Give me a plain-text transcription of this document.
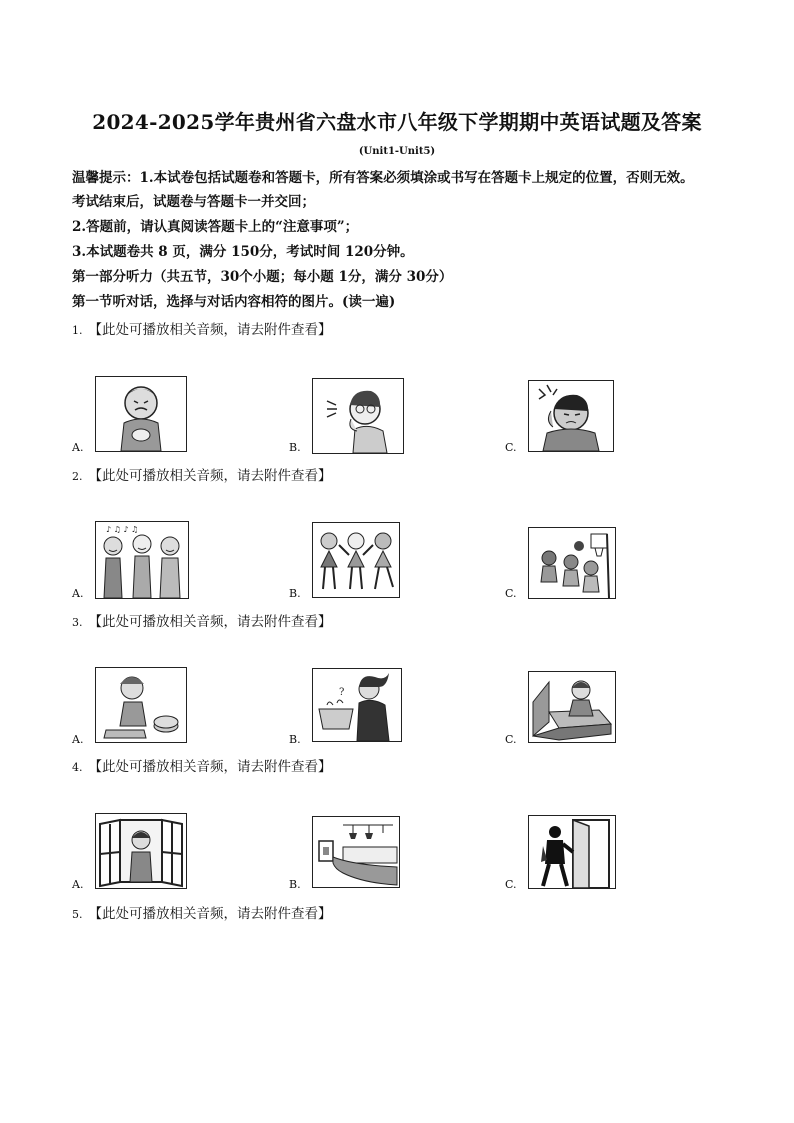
2024-2025学年贵州省六盘水市八年级下学期期中英语试题及答案
(Unit1-Unit5)
温馨提示：1.本试卷包括试题卷和答题卡，所有答案必须填涂或书写在答题卡上规定的位置，否则无效。
考试结束后，试题卷与答题卡一并交回；
2.答题前，请认真阅读答题卡上的“注意事项”；
3.本试题卷共 8 页，满分 150分，考试时间 120分钟。
第一部分听力（共五节，30个小题；每小题 1分，满分 30分）
第一节听对话，选择与对话内容相符的图片。(读一遍)
1. 【此处可播放相关音频，请去附件查看】
A.	B.	C.
2. 【此处可播放相关音频，请去附件查看】
A.
♪ ♫ ♪ ♫
B.	C.
3. 【此处可播放相关音频，请去附件查看】
A.	B.
?
C.
4. 【此处可播放相关音频，请去附件查看】
A.	B.	C.
5. 【此处可播放相关音频，请去附件查看】
